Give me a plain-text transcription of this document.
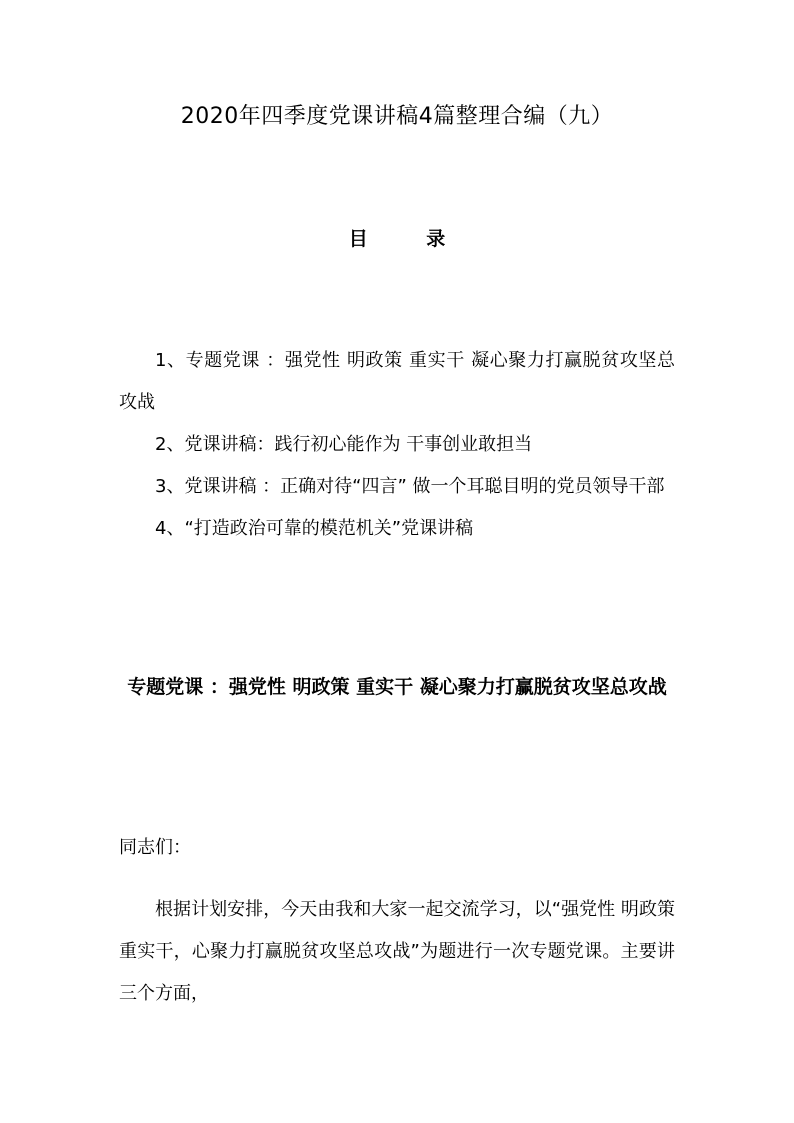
2020年四季度党课讲稿4篇整理合编（九）
目 录

1、专题党课 ：强党性 明政策 重实干 凝心聚力打赢脱贫攻坚总攻战

2、党课讲稿：践行初心能作为 干事创业敢担当

3、党课讲稿 ：正确对待“四言” 做一个耳聪目明的党员领导干部

4、“打造政治可靠的模范机关”党课讲稿

专题党课 ：强党性 明政策 重实干 凝心聚力打赢脱贫攻坚总攻战
同志们：

根据计划安排，今天由我和大家一起交流学习，以“强党性 明政策 重实干，心聚力打赢脱贫攻坚总攻战”为题进行一次专题党课。主要讲三个方面，
